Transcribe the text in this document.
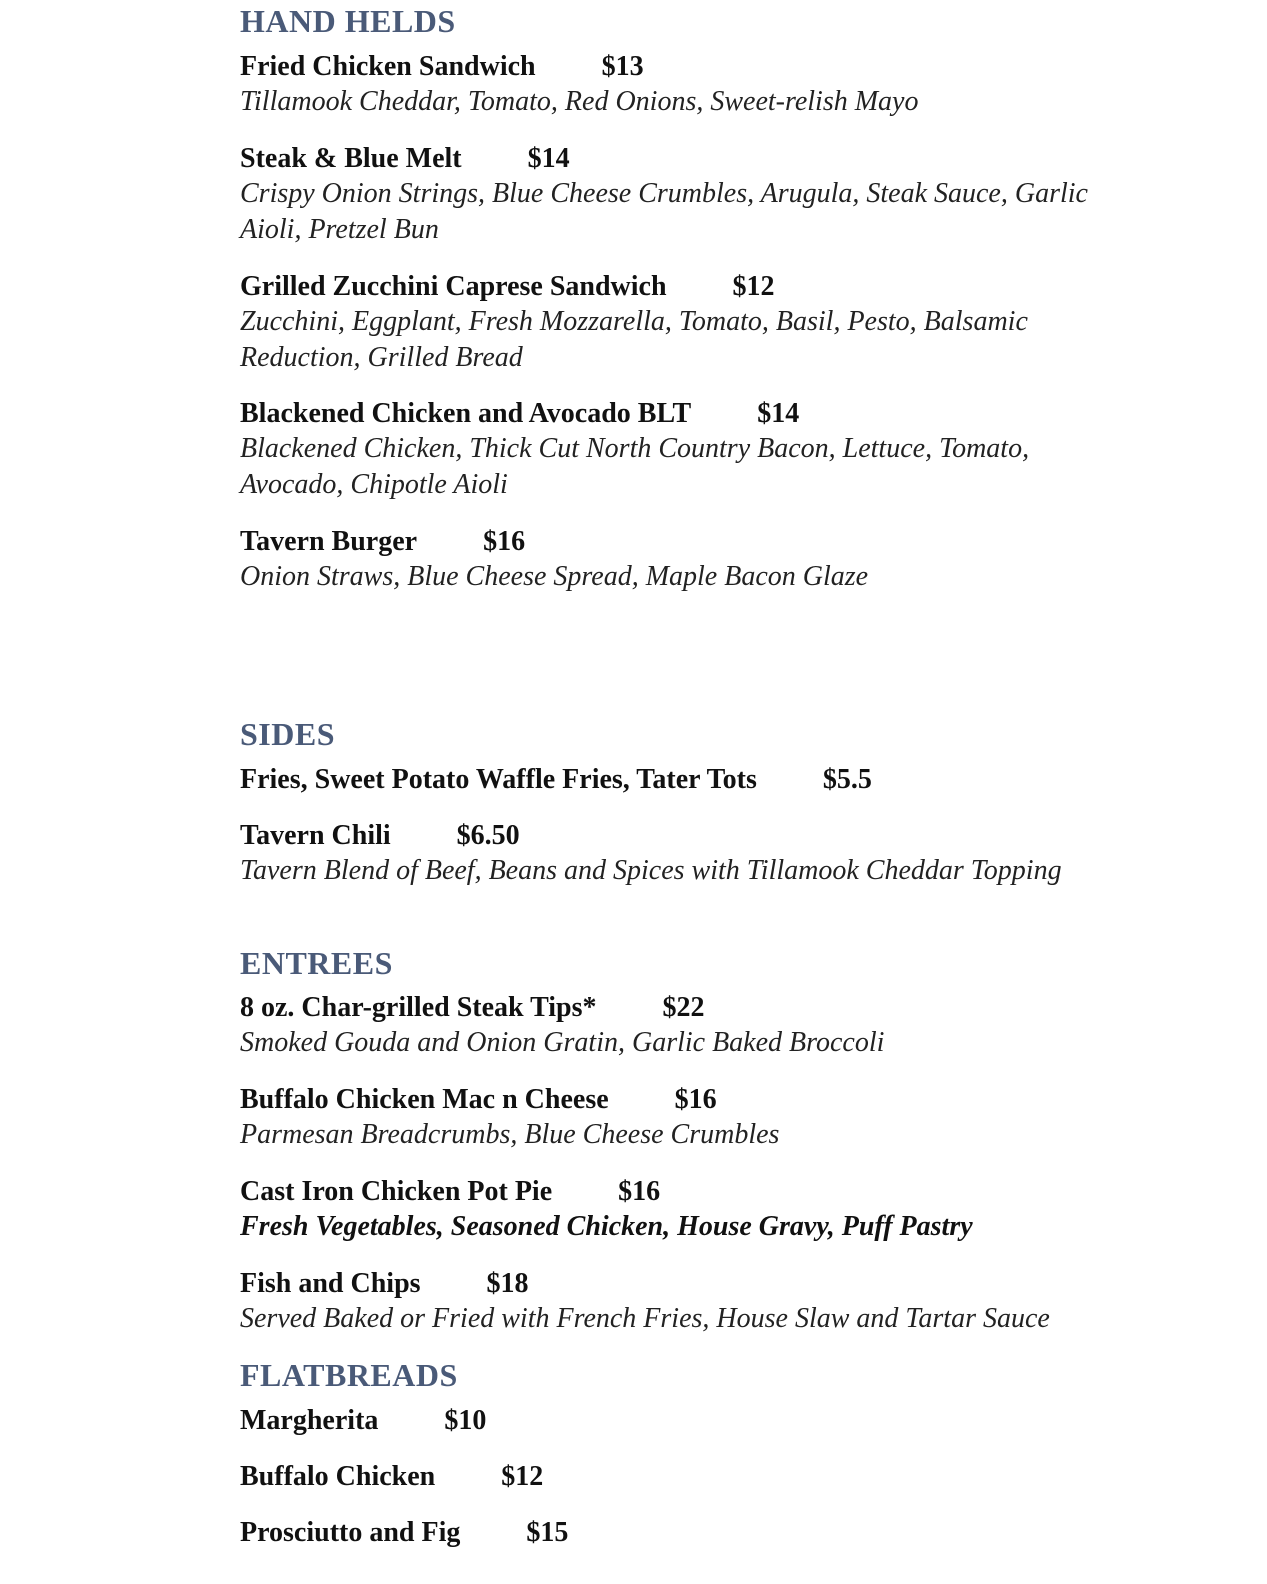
HAND HELDS
Fried Chicken Sandwich $13
Tillamook Cheddar, Tomato, Red Onions, Sweet-relish Mayo
Steak & Blue Melt $14
Crispy Onion Strings, Blue Cheese Crumbles, Arugula, Steak Sauce, Garlic Aioli, Pretzel Bun
Grilled Zucchini Caprese Sandwich $12
Zucchini, Eggplant, Fresh Mozzarella, Tomato, Basil, Pesto, Balsamic Reduction, Grilled Bread
Blackened Chicken and Avocado BLT $14
Blackened Chicken, Thick Cut North Country Bacon, Lettuce, Tomato, Avocado, Chipotle Aioli
Tavern Burger $16
Onion Straws, Blue Cheese Spread, Maple Bacon Glaze
SIDES
Fries, Sweet Potato Waffle Fries, Tater Tots $5.5
Tavern Chili $6.50
Tavern Blend of Beef, Beans and Spices with Tillamook Cheddar Topping
ENTREES
8 oz. Char-grilled Steak Tips* $22
Smoked Gouda and Onion Gratin, Garlic Baked Broccoli
Buffalo Chicken Mac n Cheese $16
Parmesan Breadcrumbs, Blue Cheese Crumbles
Cast Iron Chicken Pot Pie $16
Fresh Vegetables, Seasoned Chicken, House Gravy, Puff Pastry
Fish and Chips $18
Served Baked or Fried with French Fries, House Slaw and Tartar Sauce
FLATBREADS
Margherita $10
Buffalo Chicken $12
Prosciutto and Fig $15
